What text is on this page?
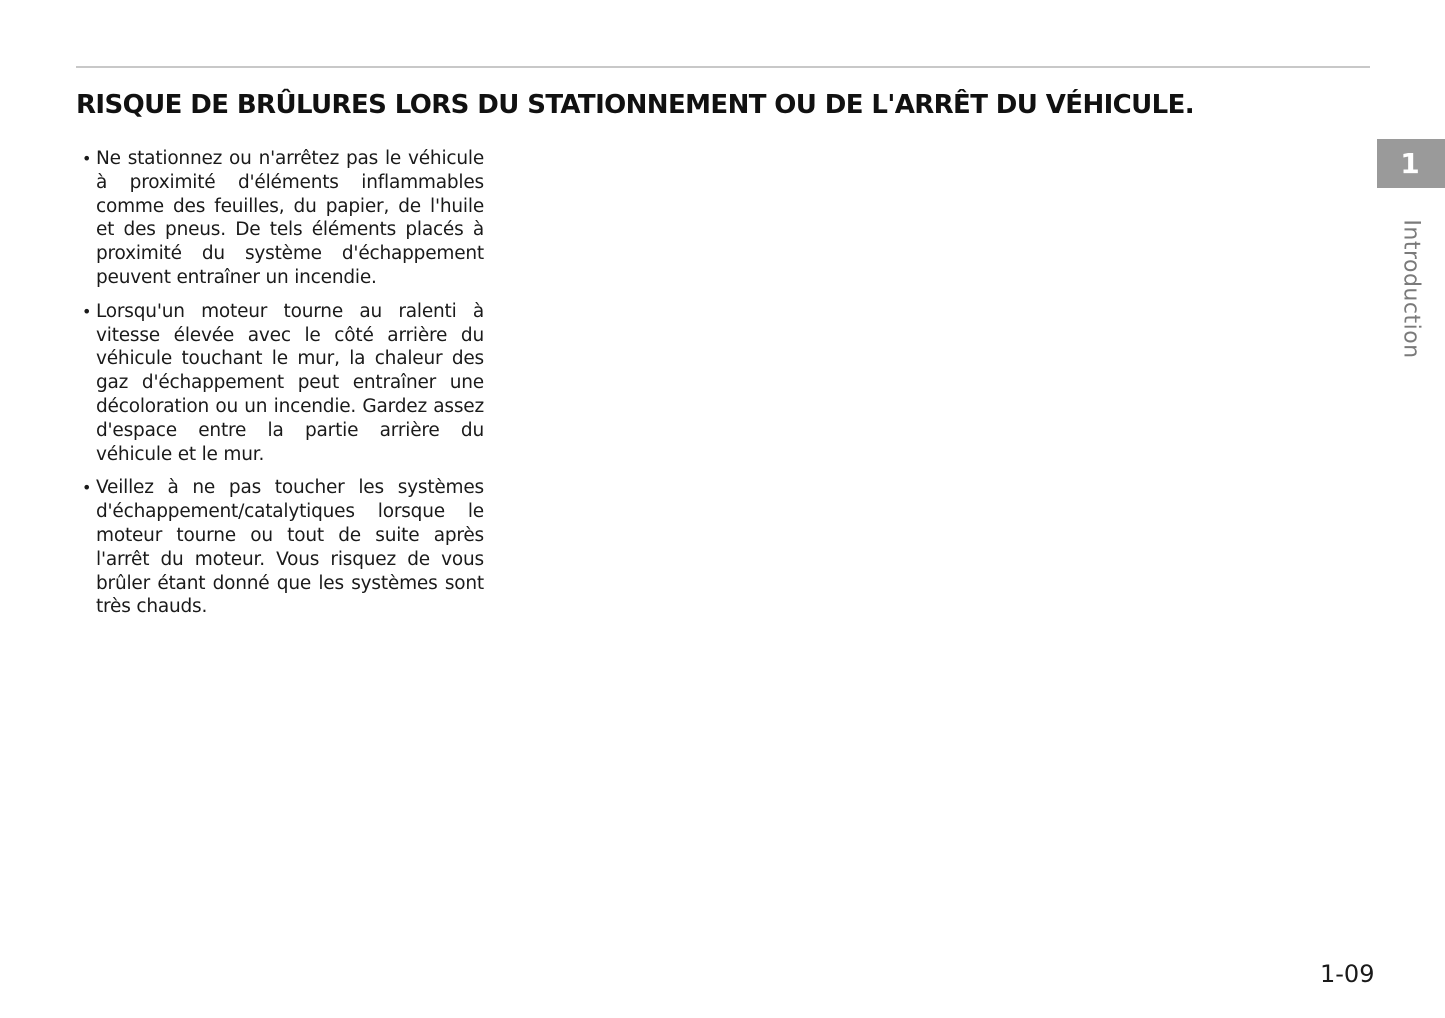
RISQUE DE BRÛLURES LORS DU STATIONNEMENT OU DE L'ARRÊT DU VÉHICULE.
• Ne stationnez ou n'arrêtez pas le véhicule à proximité d'éléments inflammables comme des feuilles, du papier, de l'huile et des pneus. De tels éléments placés à proximité du système d'échappement peuvent entraîner un incendie.
• Lorsqu'un moteur tourne au ralenti à vitesse élevée avec le côté arrière du véhicule touchant le mur, la chaleur des gaz d'échappement peut entraîner une décoloration ou un incendie. Gardez assez d'espace entre la partie arrière du véhicule et le mur.
• Veillez à ne pas toucher les systèmes d'échappement/catalytiques lorsque le moteur tourne ou tout de suite après l'arrêt du moteur. Vous risquez de vous brûler étant donné que les systèmes sont très chauds.
1
Introduction
1-09
